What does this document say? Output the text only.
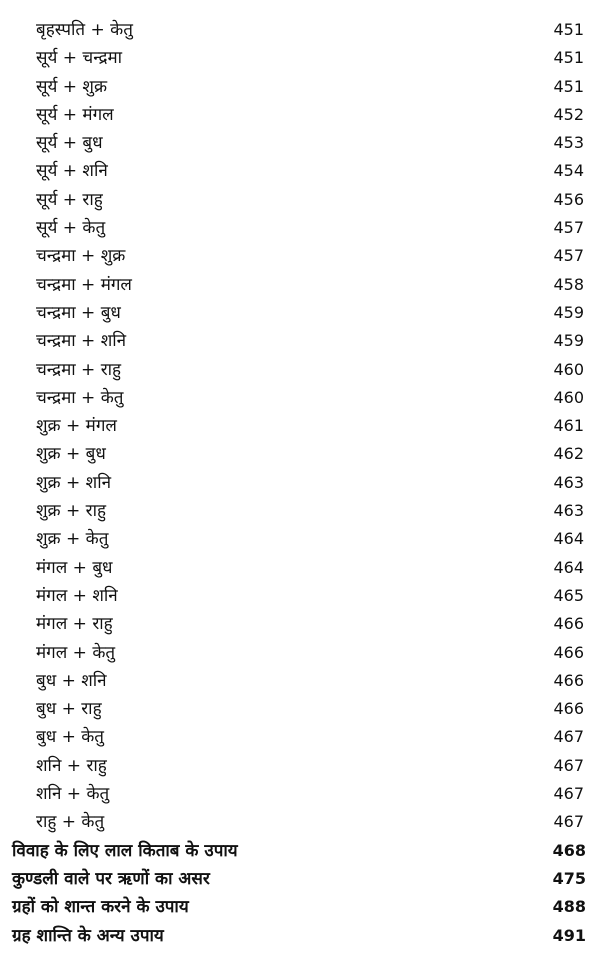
बृहस्पति + केतु	451
सूर्य + चन्द्रमा	451
सूर्य + शुक्र	451
सूर्य + मंगल	452
सूर्य + बुध	453
सूर्य + शनि	454
सूर्य + राहु	456
सूर्य + केतु	457
चन्द्रमा + शुक्र	457
चन्द्रमा + मंगल	458
चन्द्रमा + बुध	459
चन्द्रमा + शनि	459
चन्द्रमा + राहु	460
चन्द्रमा + केतु	460
शुक्र + मंगल	461
शुक्र + बुध	462
शुक्र + शनि	463
शुक्र + राहु	463
शुक्र + केतु	464
मंगल + बुध	464
मंगल + शनि	465
मंगल + राहु	466
मंगल + केतु	466
बुध + शनि	466
बुध + राहु	466
बुध + केतु	467
शनि + राहु	467
शनि + केतु	467
राहु + केतु	467
विवाह के लिए लाल किताब के उपाय	468
कुण्डली वाले पर ऋणों का असर	475
ग्रहों को शान्त करने के उपाय	488
ग्रह शान्ति के अन्य उपाय	491
